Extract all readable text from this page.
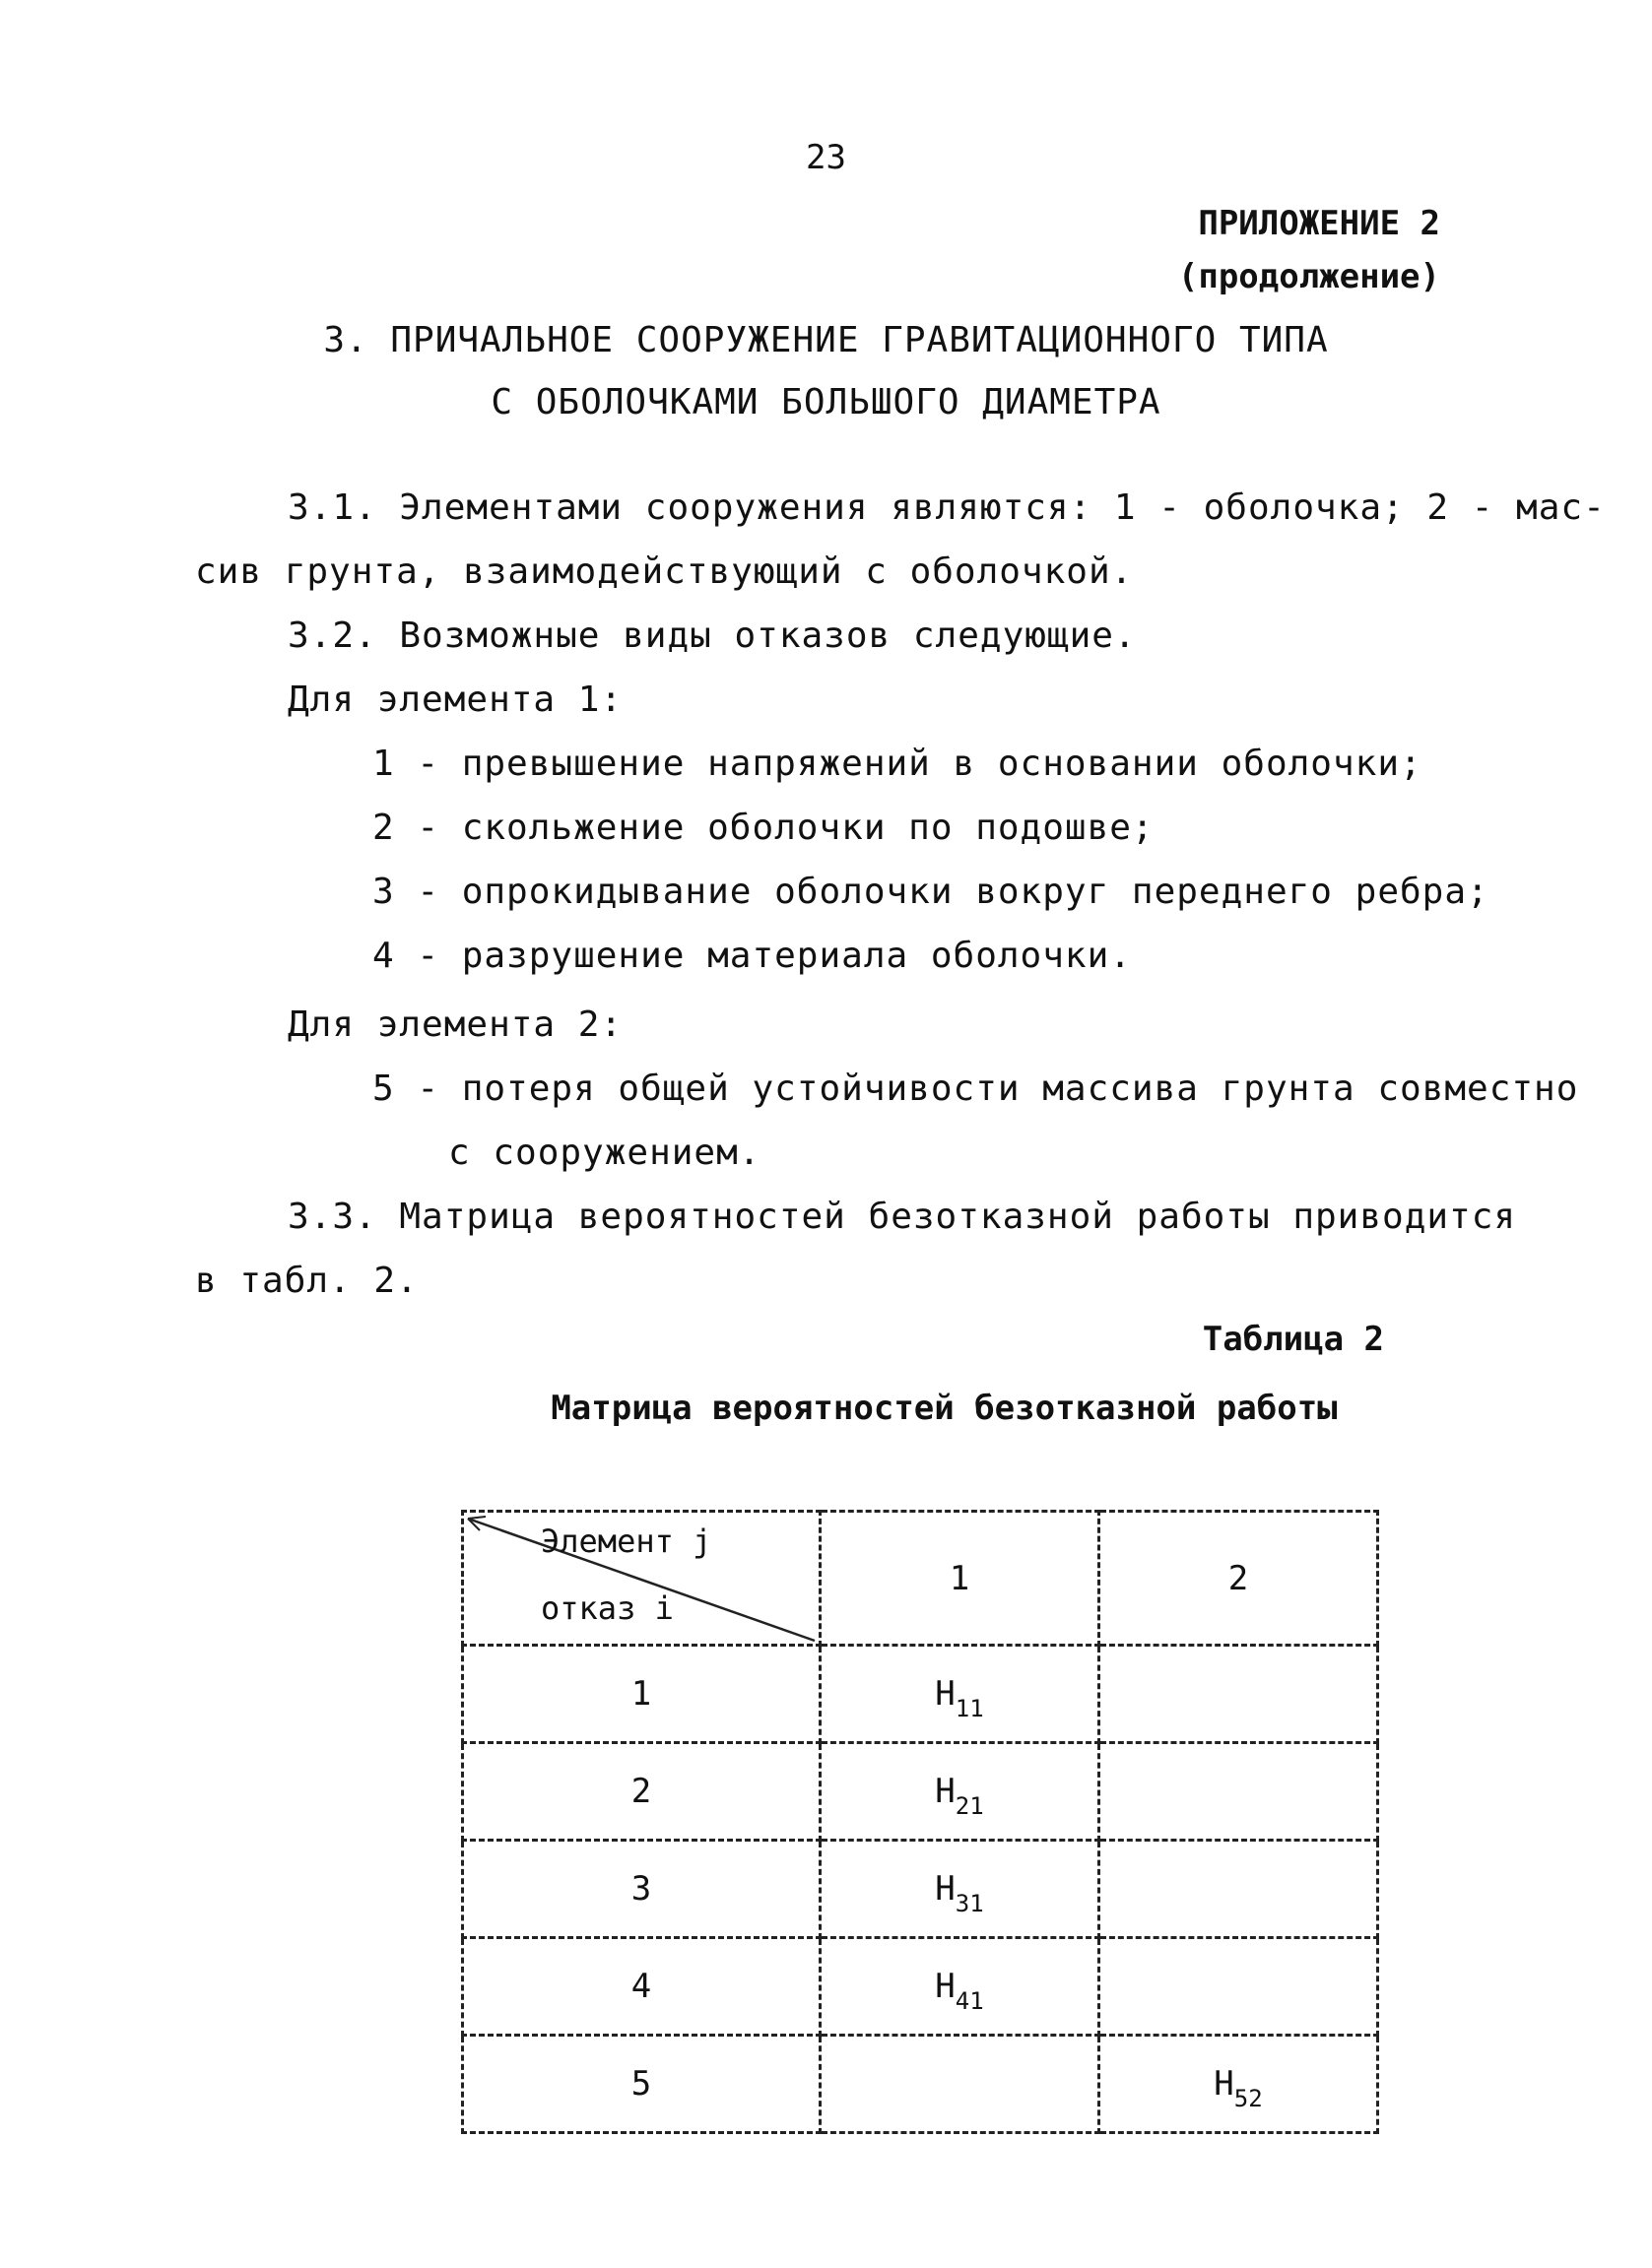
23
ПРИЛОЖЕНИЕ 2
(продолжение)
3. ПРИЧАЛЬНОЕ СООРУЖЕНИЕ ГРАВИТАЦИОННОГО ТИПА
С ОБОЛОЧКАМИ БОЛЬШОГО ДИАМЕТРА
3.1. Элементами сооружения являются: 1 - оболочка; 2 - мас-
сив грунта, взаимодействующий с оболочкой.
3.2. Возможные виды отказов следующие.
Для элемента 1:
1 - превышение напряжений в основании оболочки;
2 - скольжение оболочки по подошве;
3 - опрокидывание оболочки вокруг переднего ребра;
4 - разрушение материала оболочки.
Для элемента 2:
5 - потеря общей устойчивости массива грунта совместно
с сооружением.
3.3. Матрица вероятностей безотказной работы приводится
в табл. 2.
Таблица 2
Матрица вероятностей безотказной работы
Элемент j
отказ i	1	2
1	$H_{11}$	
2	$H_{21}$	
3	$H_{31}$	
4	$H_{41}$	
5		$H_{52}$
